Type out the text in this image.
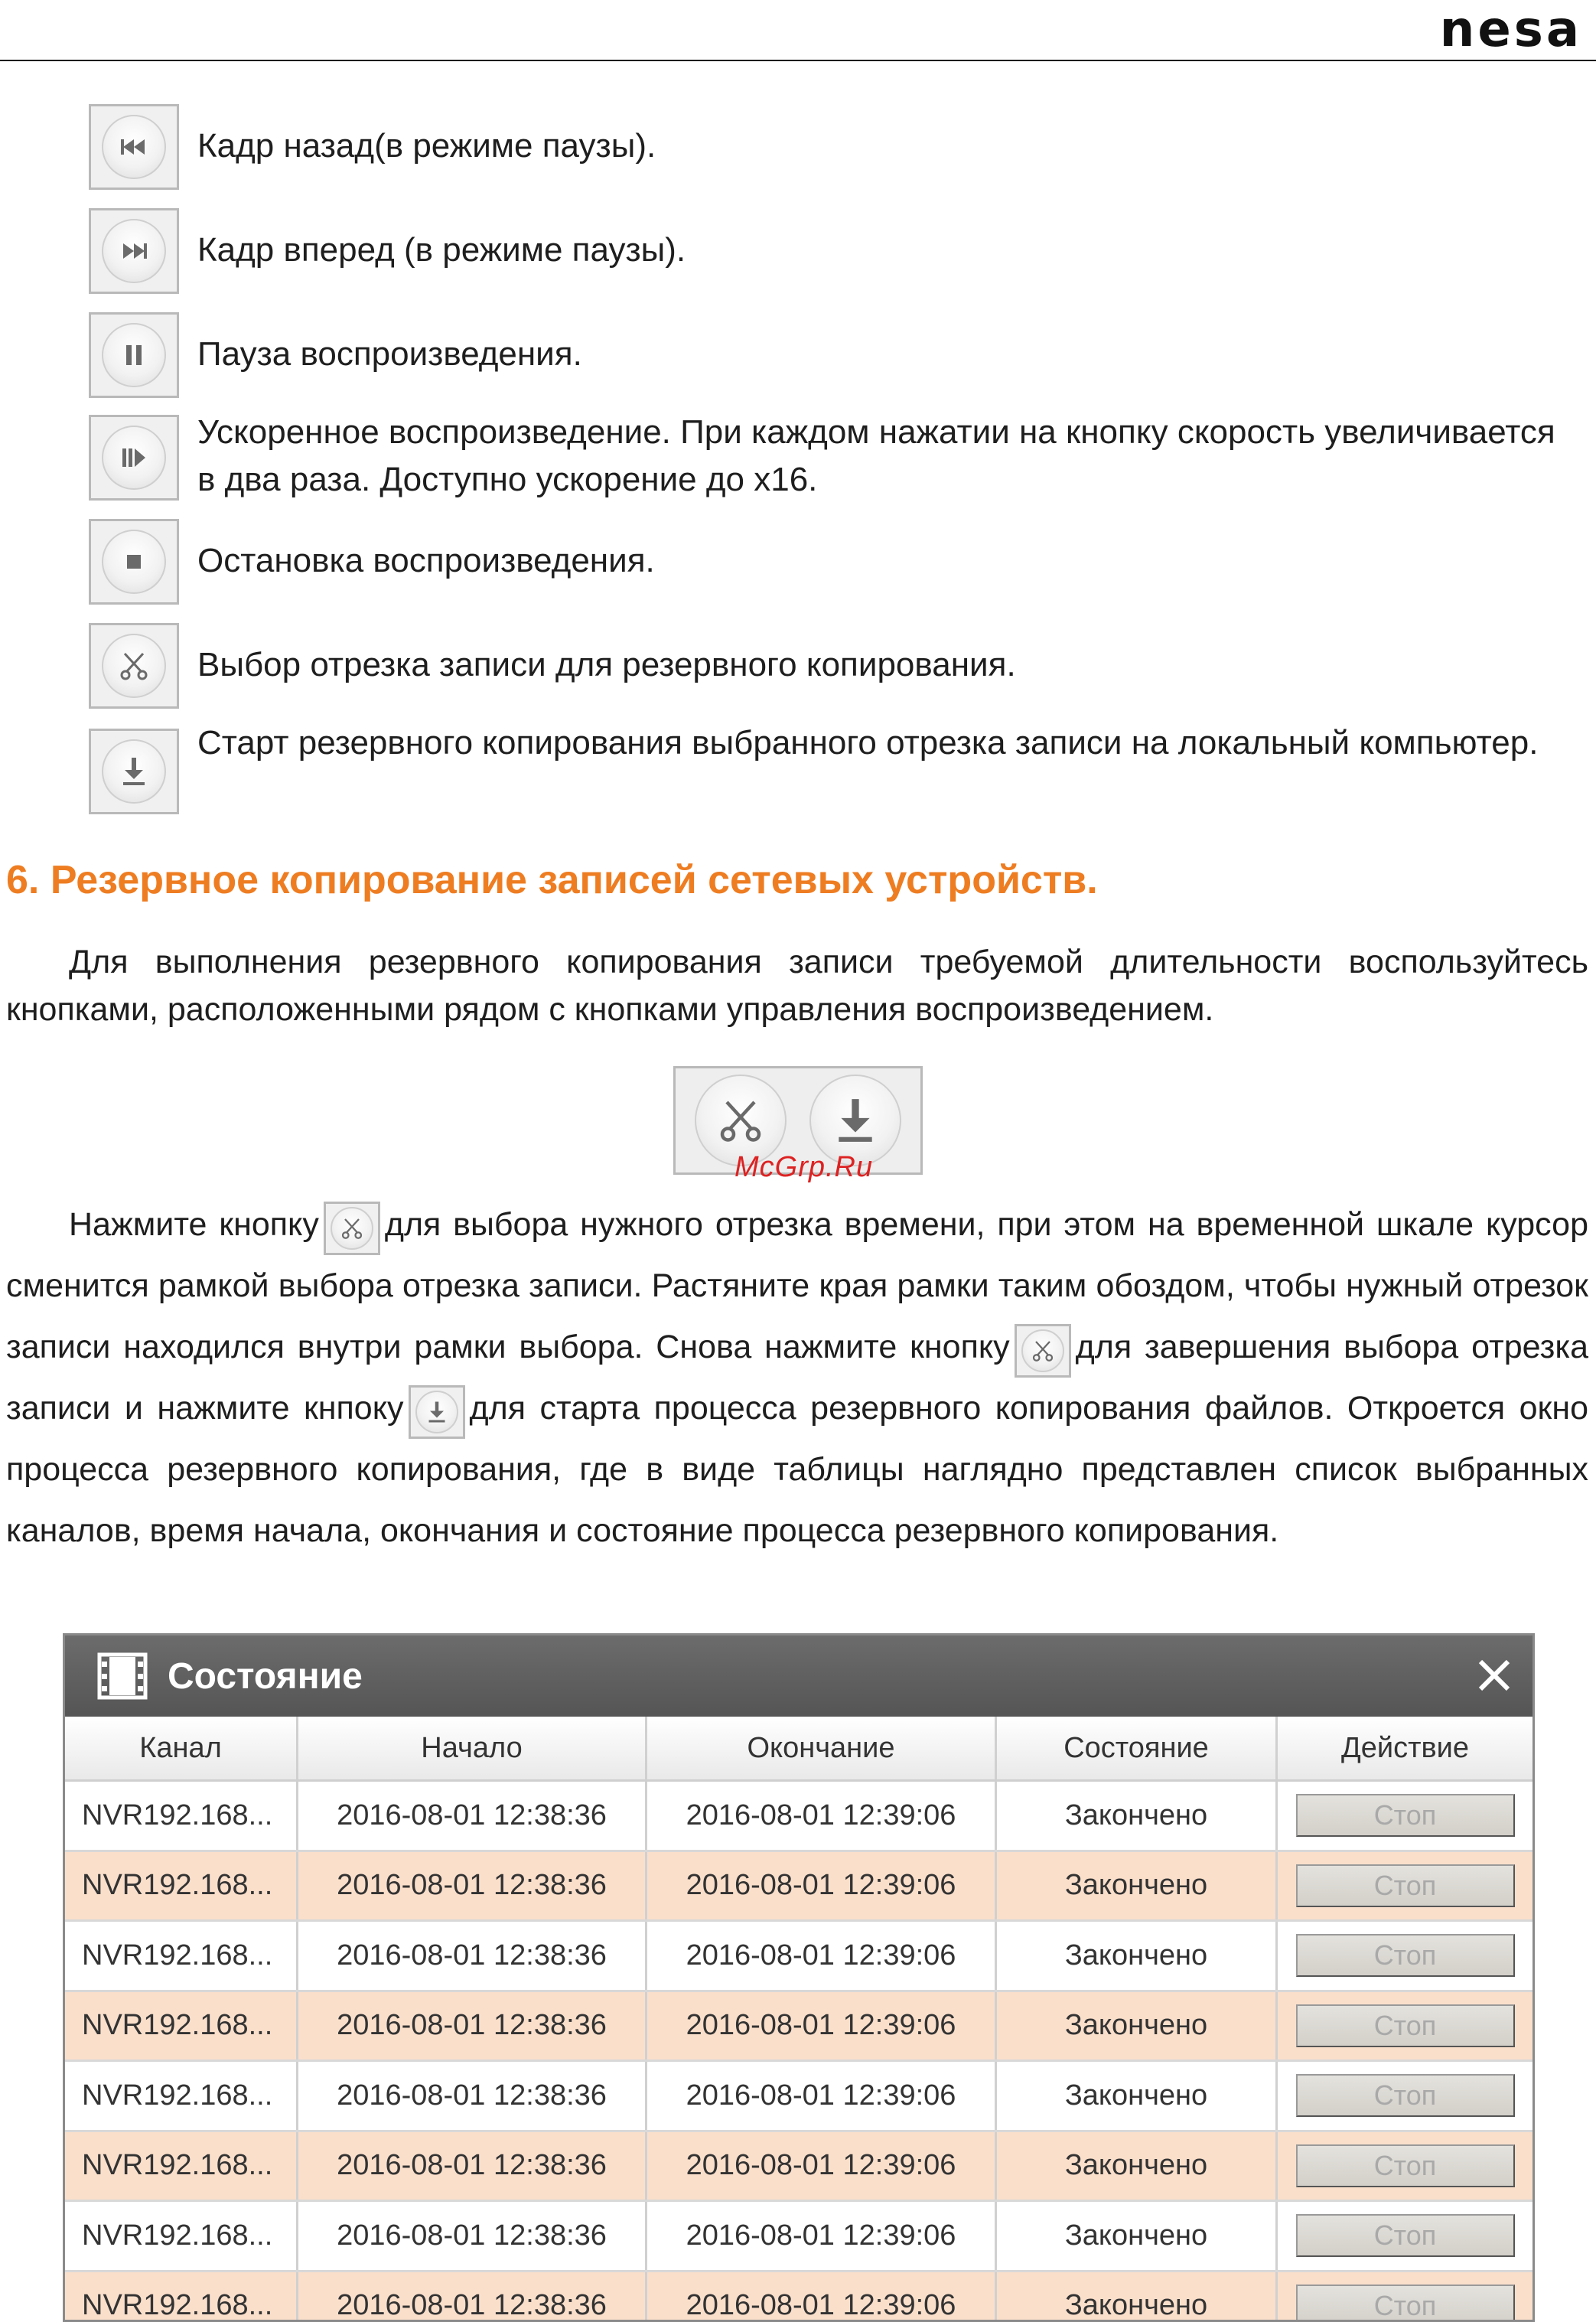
nesa
Кадр назад(в режиме паузы).
Кадр вперед (в режиме паузы).
Пауза воспроизведения.
Ускоренное воспроизведение. При каждом нажатии на кнопку скорость увеличивается в два раза. Доступно ускорение до х16.
Остановка воспроизведения.
Выбор отрезка записи для резервного копирования.
Старт резервного копирования выбранного отрезка записи на локальный компьютер.
6. Резервное копирование записей сетевых устройств.

Для выполнения резервного копирования записи требуемой длительности воспользуйтесь кнопками, расположенными рядом с кнопками управления воспроизведением.

McGrp.Ru

Нажмите кнопку для выбора нужного отрезка времени, при этом на временной шкале курсор сменится рамкой выбора отрезка записи. Растяните края рамки таким обоздом, чтобы нужный отрезок записи находился внутри рамки выбора. Снова нажмите кнопку для завершения выбора отрезка записи и нажмите кнпоку для старта процесса резервного копирования файлов. Откроется окно процесса резервного копирования, где в виде таблицы наглядно представлен список выбранных каналов, время начала, окончания и состояние процесса резервного копирования.

Состояние
Канал	Начало	Окончание	Состояние	Действие
NVR192.168...	2016-08-01 12:38:36	2016-08-01 12:39:06	Закончено	Стоп
NVR192.168...	2016-08-01 12:38:36	2016-08-01 12:39:06	Закончено	Стоп
NVR192.168...	2016-08-01 12:38:36	2016-08-01 12:39:06	Закончено	Стоп
NVR192.168...	2016-08-01 12:38:36	2016-08-01 12:39:06	Закончено	Стоп
NVR192.168...	2016-08-01 12:38:36	2016-08-01 12:39:06	Закончено	Стоп
NVR192.168...	2016-08-01 12:38:36	2016-08-01 12:39:06	Закончено	Стоп
NVR192.168...	2016-08-01 12:38:36	2016-08-01 12:39:06	Закончено	Стоп
NVR192.168...	2016-08-01 12:38:36	2016-08-01 12:39:06	Закончено	Стоп
